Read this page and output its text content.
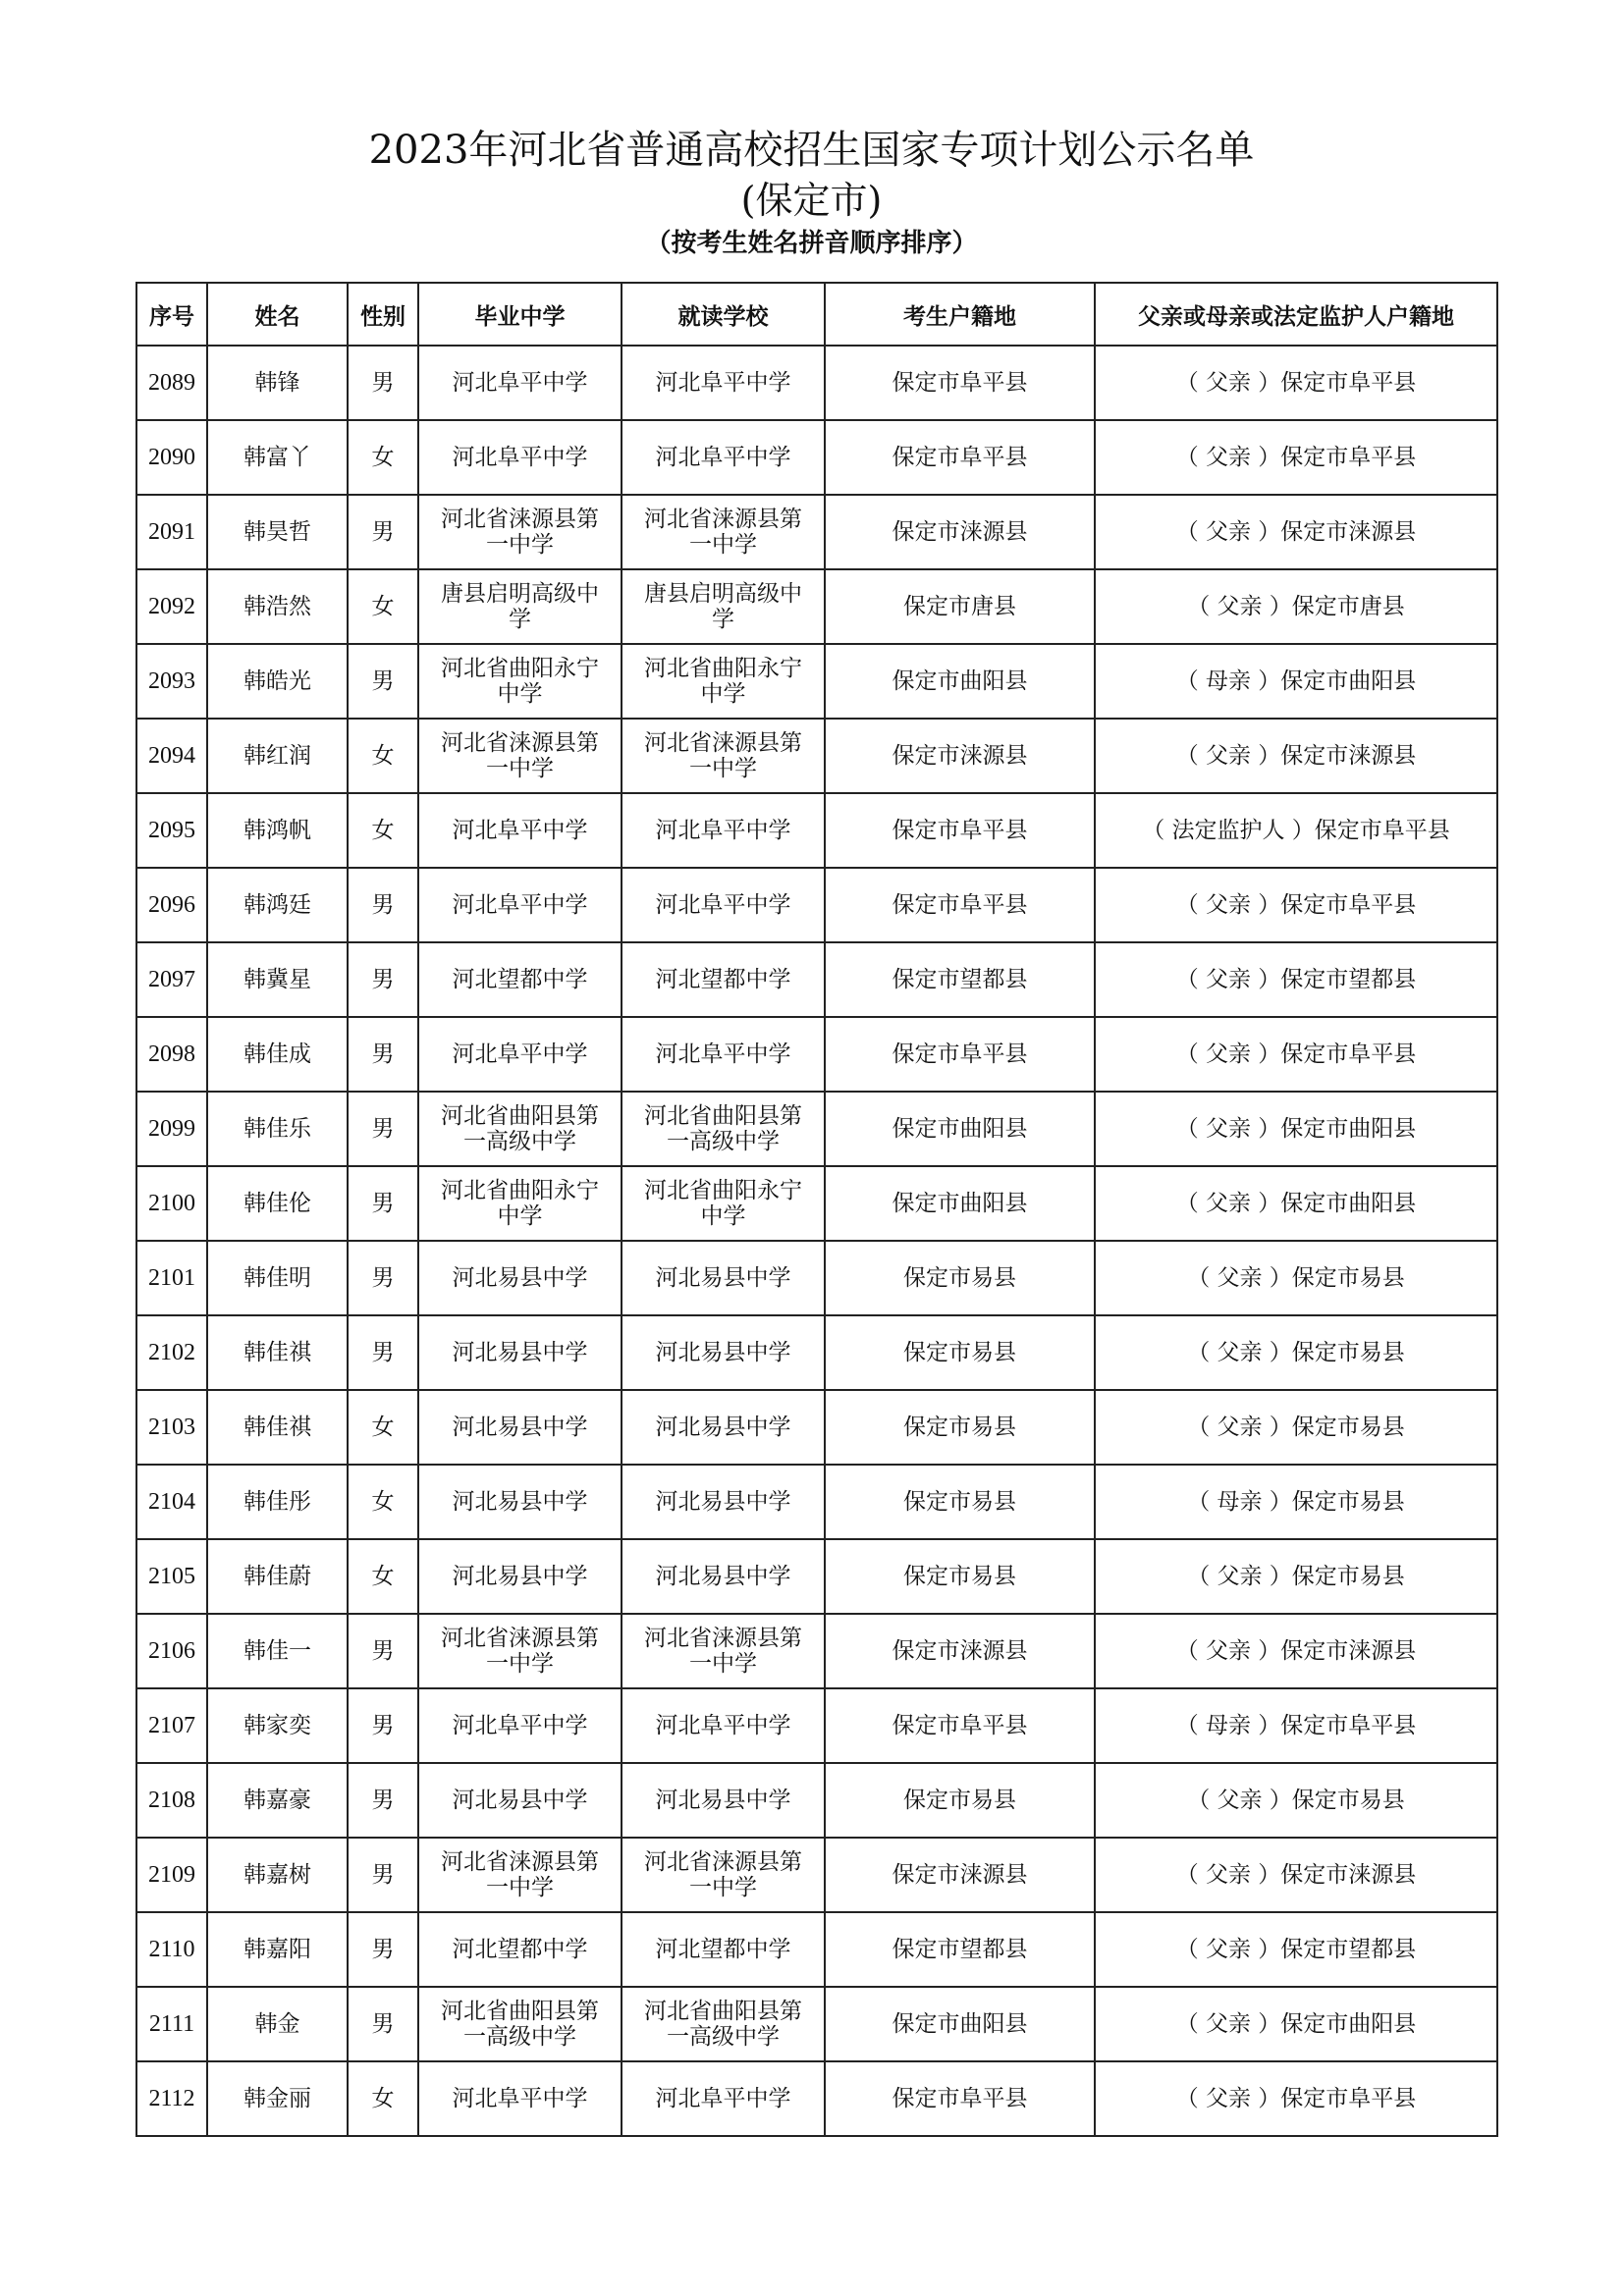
2023年河北省普通高校招生国家专项计划公示名单
(保定市)
（按考生姓名拼音顺序排序）
序号	姓名	性别	毕业中学	就读学校	考生户籍地	父亲或母亲或法定监护人户籍地
2089	韩锋	男	河北阜平中学	河北阜平中学	保定市阜平县	（ 父亲 ）保定市阜平县
2090	韩富丫	女	河北阜平中学	河北阜平中学	保定市阜平县	（ 父亲 ）保定市阜平县
2091	韩昊哲	男	河北省涞源县第一中学	河北省涞源县第一中学	保定市涞源县	（ 父亲 ）保定市涞源县
2092	韩浩然	女	唐县启明高级中学	唐县启明高级中学	保定市唐县	（ 父亲 ）保定市唐县
2093	韩皓光	男	河北省曲阳永宁中学	河北省曲阳永宁中学	保定市曲阳县	（ 母亲 ）保定市曲阳县
2094	韩红润	女	河北省涞源县第一中学	河北省涞源县第一中学	保定市涞源县	（ 父亲 ）保定市涞源县
2095	韩鸿帆	女	河北阜平中学	河北阜平中学	保定市阜平县	（ 法定监护人 ）保定市阜平县
2096	韩鸿廷	男	河北阜平中学	河北阜平中学	保定市阜平县	（ 父亲 ）保定市阜平县
2097	韩冀星	男	河北望都中学	河北望都中学	保定市望都县	（ 父亲 ）保定市望都县
2098	韩佳成	男	河北阜平中学	河北阜平中学	保定市阜平县	（ 父亲 ）保定市阜平县
2099	韩佳乐	男	河北省曲阳县第一高级中学	河北省曲阳县第一高级中学	保定市曲阳县	（ 父亲 ）保定市曲阳县
2100	韩佳伦	男	河北省曲阳永宁中学	河北省曲阳永宁中学	保定市曲阳县	（ 父亲 ）保定市曲阳县
2101	韩佳明	男	河北易县中学	河北易县中学	保定市易县	（ 父亲 ）保定市易县
2102	韩佳祺	男	河北易县中学	河北易县中学	保定市易县	（ 父亲 ）保定市易县
2103	韩佳祺	女	河北易县中学	河北易县中学	保定市易县	（ 父亲 ）保定市易县
2104	韩佳彤	女	河北易县中学	河北易县中学	保定市易县	（ 母亲 ）保定市易县
2105	韩佳蔚	女	河北易县中学	河北易县中学	保定市易县	（ 父亲 ）保定市易县
2106	韩佳一	男	河北省涞源县第一中学	河北省涞源县第一中学	保定市涞源县	（ 父亲 ）保定市涞源县
2107	韩家奕	男	河北阜平中学	河北阜平中学	保定市阜平县	（ 母亲 ）保定市阜平县
2108	韩嘉豪	男	河北易县中学	河北易县中学	保定市易县	（ 父亲 ）保定市易县
2109	韩嘉树	男	河北省涞源县第一中学	河北省涞源县第一中学	保定市涞源县	（ 父亲 ）保定市涞源县
2110	韩嘉阳	男	河北望都中学	河北望都中学	保定市望都县	（ 父亲 ）保定市望都县
2111	韩金	男	河北省曲阳县第一高级中学	河北省曲阳县第一高级中学	保定市曲阳县	（ 父亲 ）保定市曲阳县
2112	韩金丽	女	河北阜平中学	河北阜平中学	保定市阜平县	（ 父亲 ）保定市阜平县
